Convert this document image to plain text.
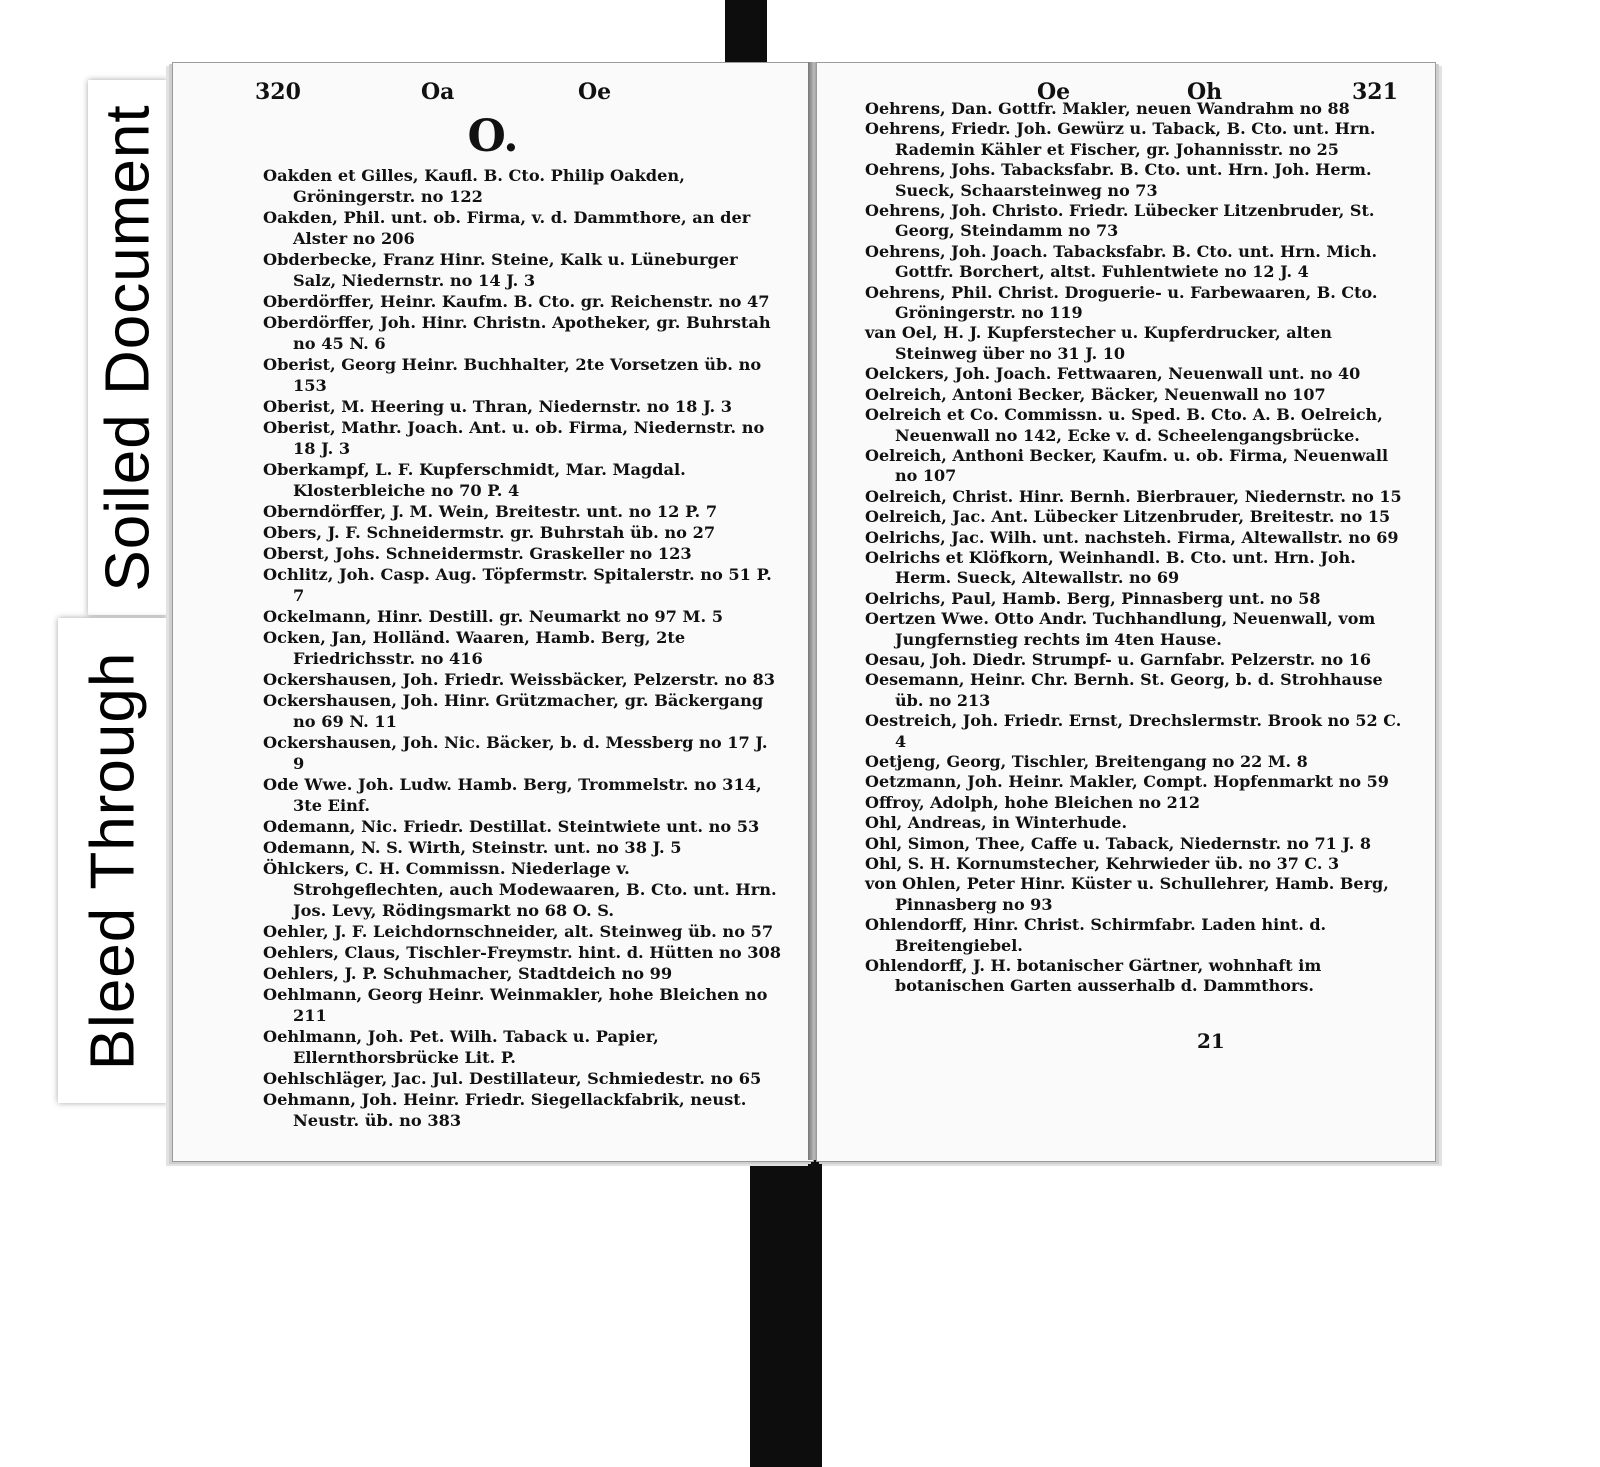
Soiled Document
Bleed Through
320	Oa	Oe
O.
Oakden et Gilles, Kaufl. B. Cto. Philip Oakden, Gröningerstr. no 122
Oakden, Phil. unt. ob. Firma, v. d. Dammthore, an der Alster no 206
Obderbecke, Franz Hinr. Steine, Kalk u. Lüneburger Salz, Niedernstr. no 14 J. 3
Oberdörffer, Heinr. Kaufm. B. Cto. gr. Reichenstr. no 47
Oberdörffer, Joh. Hinr. Christn. Apotheker, gr. Buhrstah no 45 N. 6
Oberist, Georg Heinr. Buchhalter, 2te Vorsetzen üb. no 153
Oberist, M. Heering u. Thran, Niedernstr. no 18 J. 3
Oberist, Mathr. Joach. Ant. u. ob. Firma, Niedernstr. no 18 J. 3
Oberkampf, L. F. Kupferschmidt, Mar. Magdal. Klosterbleiche no 70 P. 4
Oberndörffer, J. M. Wein, Breitestr. unt. no 12 P. 7
Obers, J. F. Schneidermstr. gr. Buhrstah üb. no 27
Oberst, Johs. Schneidermstr. Graskeller no 123
Ochlitz, Joh. Casp. Aug. Töpfermstr. Spitalerstr. no 51 P. 7
Ockelmann, Hinr. Destill. gr. Neumarkt no 97 M. 5
Ocken, Jan, Holländ. Waaren, Hamb. Berg, 2te Friedrichsstr. no 416
Ockershausen, Joh. Friedr. Weissbäcker, Pelzerstr. no 83
Ockershausen, Joh. Hinr. Grützmacher, gr. Bäckergang no 69 N. 11
Ockershausen, Joh. Nic. Bäcker, b. d. Messberg no 17 J. 9
Ode Wwe. Joh. Ludw. Hamb. Berg, Trommelstr. no 314, 3te Einf.
Odemann, Nic. Friedr. Destillat. Steintwiete unt. no 53
Odemann, N. S. Wirth, Steinstr. unt. no 38 J. 5
Öhlckers, C. H. Commissn. Niederlage v. Strohgeflechten, auch Modewaaren, B. Cto. unt. Hrn. Jos. Levy, Rödingsmarkt no 68 O. S.
Oehler, J. F. Leichdornschneider, alt. Steinweg üb. no 57
Oehlers, Claus, Tischler-Freymstr. hint. d. Hütten no 308
Oehlers, J. P. Schuhmacher, Stadtdeich no 99
Oehlmann, Georg Heinr. Weinmakler, hohe Bleichen no 211
Oehlmann, Joh. Pet. Wilh. Taback u. Papier, Ellernthorsbrücke Lit. P.
Oehlschläger, Jac. Jul. Destillateur, Schmiedestr. no 65
Oehmann, Joh. Heinr. Friedr. Siegellackfabrik, neust. Neustr. üb. no 383
Oe	Oh	321
Oehrens, Dan. Gottfr. Makler, neuen Wandrahm no 88
Oehrens, Friedr. Joh. Gewürz u. Taback, B. Cto. unt. Hrn. Rademin Kähler et Fischer, gr. Johannisstr. no 25
Oehrens, Johs. Tabacksfabr. B. Cto. unt. Hrn. Joh. Herm. Sueck, Schaarsteinweg no 73
Oehrens, Joh. Christo. Friedr. Lübecker Litzenbruder, St. Georg, Steindamm no 73
Oehrens, Joh. Joach. Tabacksfabr. B. Cto. unt. Hrn. Mich. Gottfr. Borchert, altst. Fuhlentwiete no 12 J. 4
Oehrens, Phil. Christ. Droguerie- u. Farbewaaren, B. Cto. Gröningerstr. no 119
van Oel, H. J. Kupferstecher u. Kupferdrucker, alten Steinweg über no 31 J. 10
Oelckers, Joh. Joach. Fettwaaren, Neuenwall unt. no 40
Oelreich, Antoni Becker, Bäcker, Neuenwall no 107
Oelreich et Co. Commissn. u. Sped. B. Cto. A. B. Oelreich, Neuenwall no 142, Ecke v. d. Scheelengangsbrücke.
Oelreich, Anthoni Becker, Kaufm. u. ob. Firma, Neuenwall no 107
Oelreich, Christ. Hinr. Bernh. Bierbrauer, Niedernstr. no 15
Oelreich, Jac. Ant. Lübecker Litzenbruder, Breitestr. no 15
Oelrichs, Jac. Wilh. unt. nachsteh. Firma, Altewallstr. no 69
Oelrichs et Klöfkorn, Weinhandl. B. Cto. unt. Hrn. Joh. Herm. Sueck, Altewallstr. no 69
Oelrichs, Paul, Hamb. Berg, Pinnasberg unt. no 58
Oertzen Wwe. Otto Andr. Tuchhandlung, Neuenwall, vom Jungfernstieg rechts im 4ten Hause.
Oesau, Joh. Diedr. Strumpf- u. Garnfabr. Pelzerstr. no 16
Oesemann, Heinr. Chr. Bernh. St. Georg, b. d. Strohhause üb. no 213
Oestreich, Joh. Friedr. Ernst, Drechslermstr. Brook no 52 C. 4
Oetjeng, Georg, Tischler, Breitengang no 22 M. 8
Oetzmann, Joh. Heinr. Makler, Compt. Hopfenmarkt no 59
Offroy, Adolph, hohe Bleichen no 212
Ohl, Andreas, in Winterhude.
Ohl, Simon, Thee, Caffe u. Taback, Niedernstr. no 71 J. 8
Ohl, S. H. Kornumstecher, Kehrwieder üb. no 37 C. 3
von Ohlen, Peter Hinr. Küster u. Schullehrer, Hamb. Berg, Pinnasberg no 93
Ohlendorff, Hinr. Christ. Schirmfabr. Laden hint. d. Breitengiebel.
Ohlendorff, J. H. botanischer Gärtner, wohnhaft im botanischen Garten ausserhalb d. Dammthors.
21
